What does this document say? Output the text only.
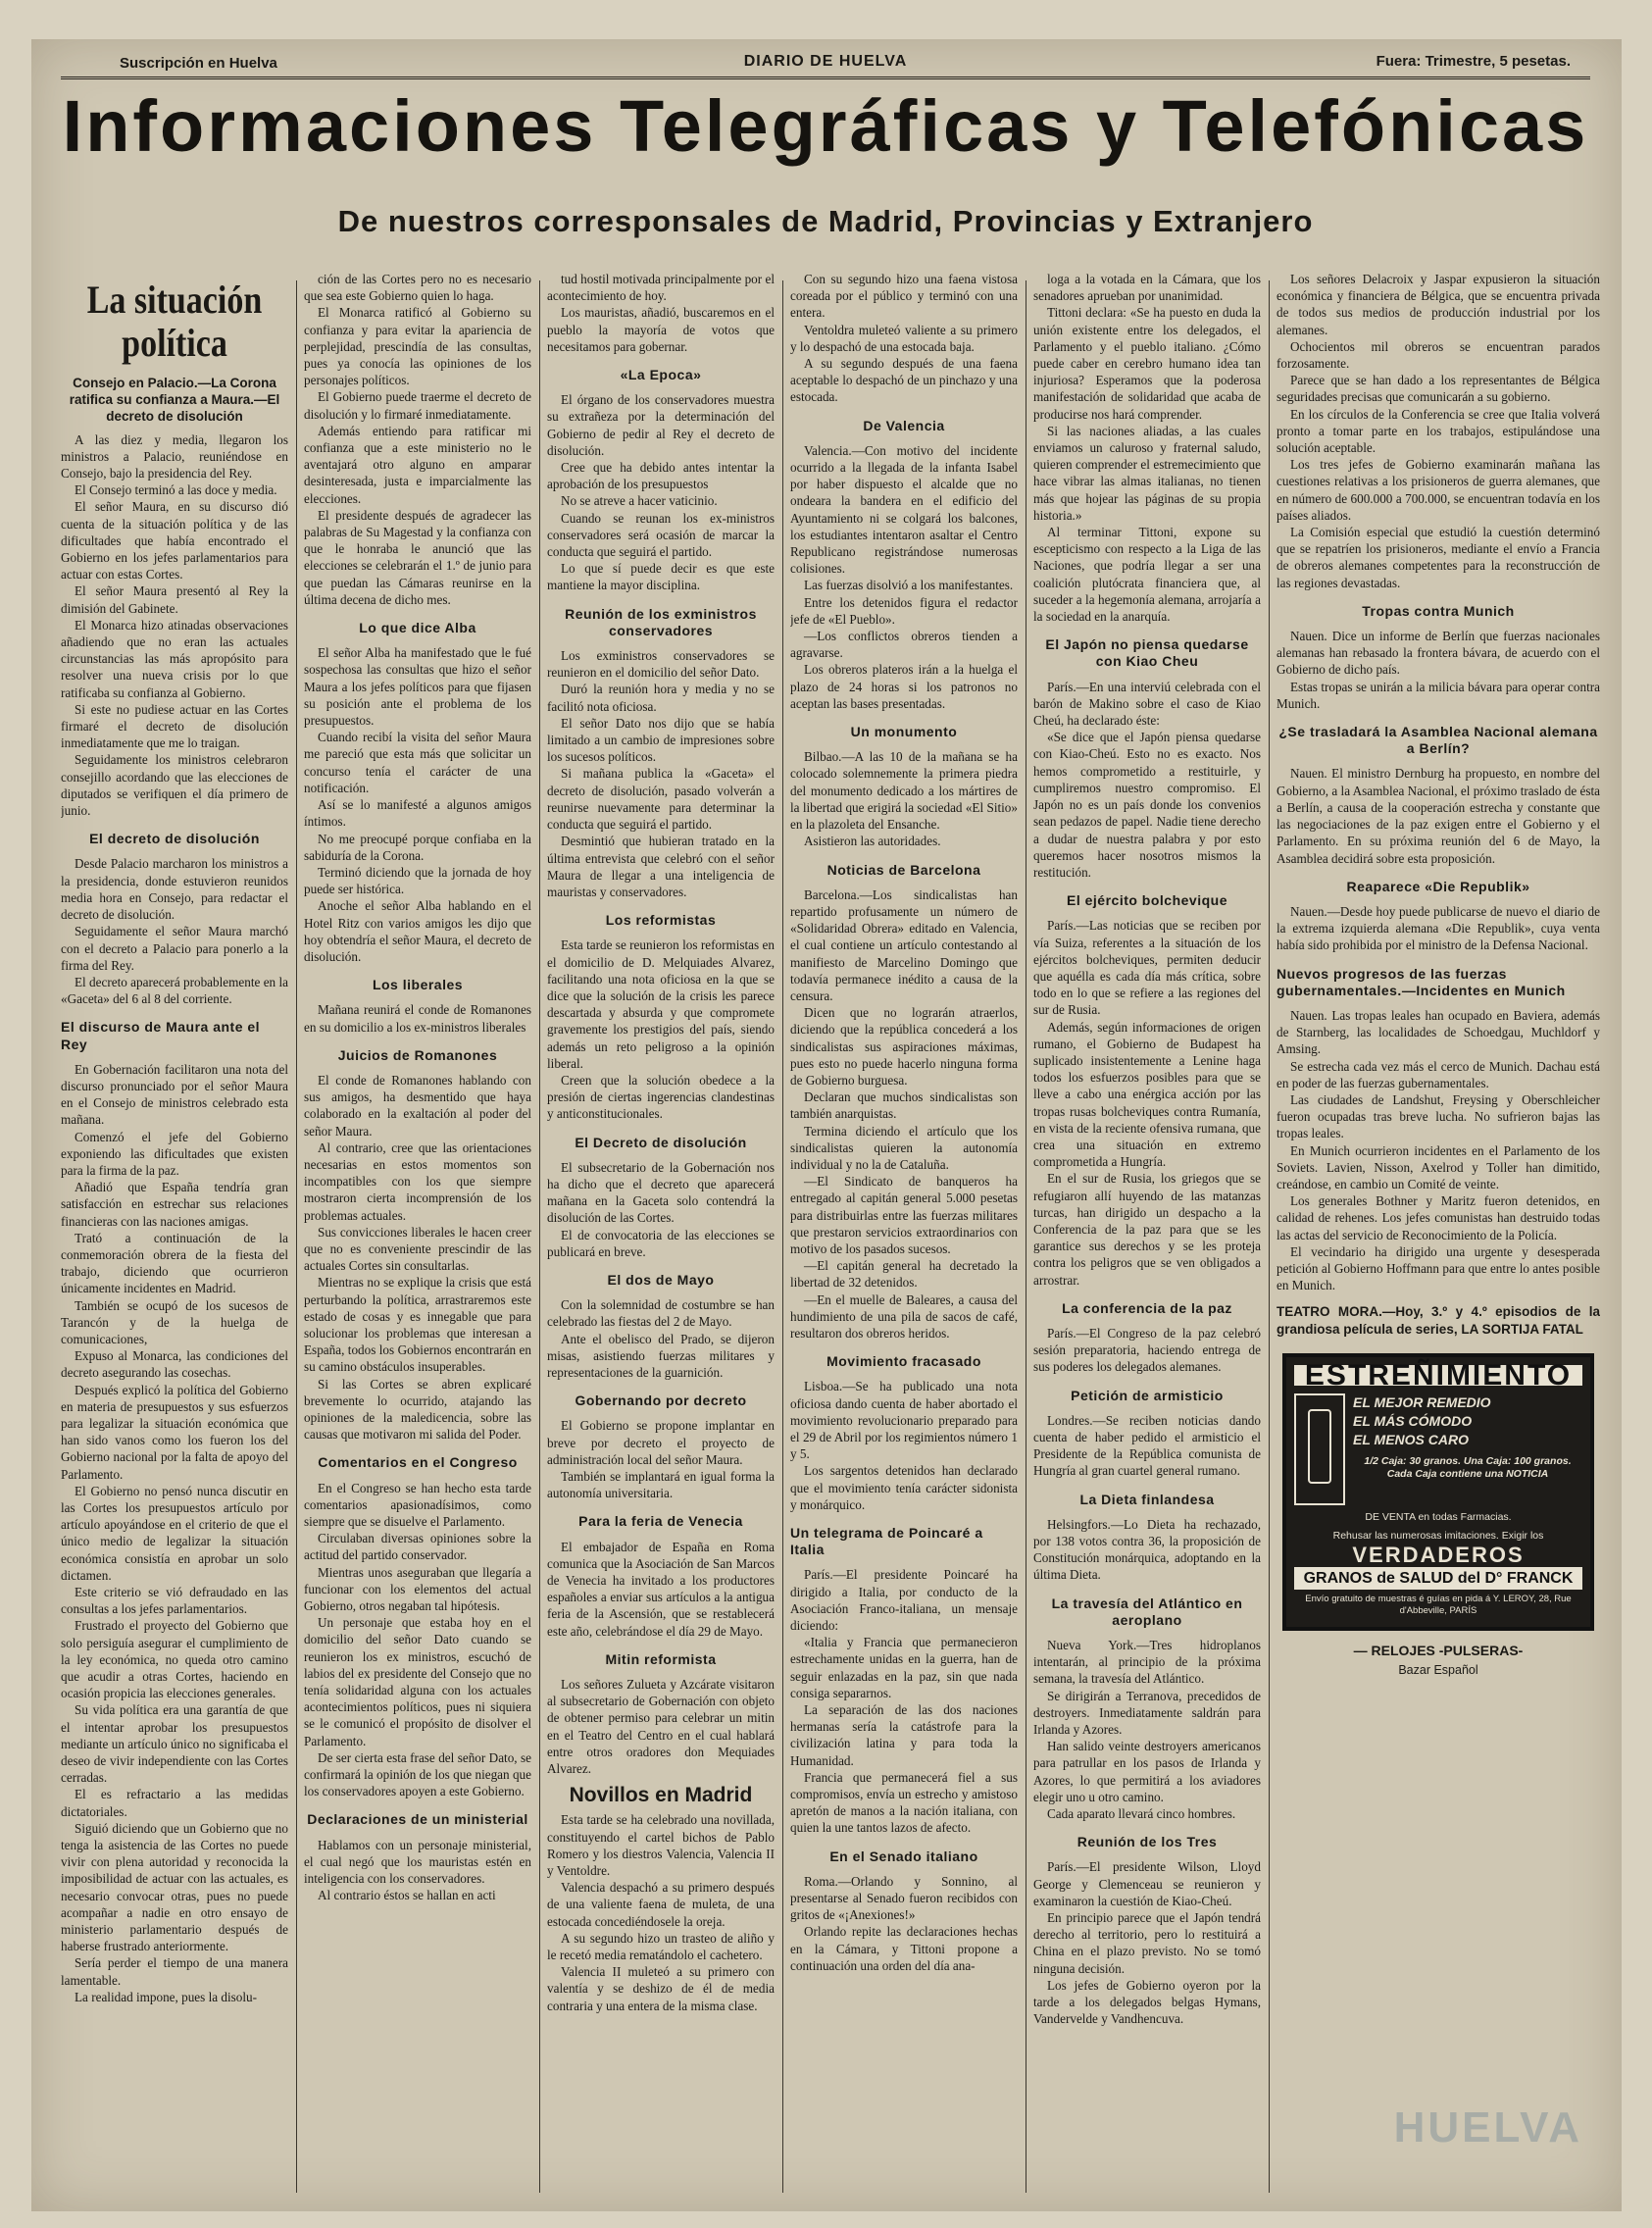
Suscripción en Huelva	DIARIO DE HUELVA	Fuera: Trimestre, 5 pesetas.
Informaciones Telegráficas y Telefónicas
De nuestros corresponsales de Madrid, Provincias y Extranjero
La situación política
Consejo en Palacio.—La Corona ratifica su confianza a Maura.—El decreto de disolución

A las diez y media, llegaron los ministros a Palacio, reuniéndose en Consejo, bajo la presidencia del Rey.

El Consejo terminó a las doce y media.

El señor Maura, en su discurso dió cuenta de la situación política y de las dificultades que había encontrado el Gobierno en los jefes parlamentarios para actuar con estas Cortes.

El señor Maura presentó al Rey la dimisión del Gabinete.

El Monarca hizo atinadas observaciones añadiendo que no eran las actuales circunstancias las más apropósito para resolver una nueva crisis por lo que ratificaba su confianza al Gobierno.

Si este no pudiese actuar en las Cortes firmaré el decreto de disolución inmediatamente que me lo traigan.

Seguidamente los ministros celebraron consejillo acordando que las elecciones de diputados se verifiquen el día primero de junio.

El decreto de disolución

Desde Palacio marcharon los ministros a la presidencia, donde estuvieron reunidos media hora en Consejo, para redactar el decreto de disolución.

Seguidamente el señor Maura marchó con el decreto a Palacio para ponerlo a la firma del Rey.

El decreto aparecerá probablemente en la «Gaceta» del 6 al 8 del corriente.

El discurso de Maura ante el Rey

En Gobernación facilitaron una nota del discurso pronunciado por el señor Maura en el Consejo de ministros celebrado esta mañana.

Comenzó el jefe del Gobierno exponiendo las dificultades que existen para la firma de la paz.

Añadió que España tendría gran satisfacción en estrechar sus relaciones financieras con las naciones amigas.

Trató a continuación de la conmemoración obrera de la fiesta del trabajo, diciendo que ocurrieron únicamente incidentes en Madrid.

También se ocupó de los sucesos de Tarancón y de la huelga de comunicaciones,

Expuso al Monarca, las condiciones del decreto asegurando las cosechas.

Después explicó la política del Gobierno en materia de presupuestos y sus esfuerzos para legalizar la situación económica que han sido vanos como los fueron los del Gobierno nacional por la falta de apoyo del Parlamento.

El Gobierno no pensó nunca discutir en las Cortes los presupuestos artículo por artículo apoyándose en el criterio de que el único medio de legalizar la situación económica consistía en aprobar un solo dictamen.

Este criterio se vió defraudado en las consultas a los jefes parlamentarios.

Frustrado el proyecto del Gobierno que solo persiguía asegurar el cumplimiento de la ley económica, no queda otro camino que acudir a otras Cortes, haciendo en ocasión propicia las elecciones generales.

Su vida política era una garantía de que el intentar aprobar los presupuestos mediante un artículo único no significaba el deseo de vivir independiente con las Cortes cerradas.

El es refractario a las medidas dictatoriales.

Siguió diciendo que un Gobierno que no tenga la asistencia de las Cortes no puede vivir con plena autoridad y reconocida la imposibilidad de actuar con las actuales, es necesario convocar otras, pues no puede acompañar a nadie en otro ensayo de ministerio parlamentario después de haberse frustrado anteriormente.

Sería perder el tiempo de una manera lamentable.

La realidad impone, pues la disolu-

ción de las Cortes pero no es necesario que sea este Gobierno quien lo haga.

El Monarca ratificó al Gobierno su confianza y para evitar la apariencia de perplejidad, prescindía de las consultas, pues ya conocía las opiniones de los personajes políticos.

El Gobierno puede traerme el decreto de disolución y lo firmaré inmediatamente.

Además entiendo para ratificar mi confianza que a este ministerio no le aventajará otro alguno en amparar desinteresada, justa e imparcialmente las elecciones.

El presidente después de agradecer las palabras de Su Magestad y la confianza con que le honraba le anunció que las elecciones se celebrarán el 1.º de junio para que puedan las Cámaras reunirse en la última decena de dicho mes.

Lo que dice Alba

El señor Alba ha manifestado que le fué sospechosa las consultas que hizo el señor Maura a los jefes políticos para que fijasen su posición ante el problema de los presupuestos.

Cuando recibí la visita del señor Maura me pareció que esta más que solicitar un concurso tenía el carácter de una notificación.

Así se lo manifesté a algunos amigos íntimos.

No me preocupé porque confiaba en la sabiduría de la Corona.

Terminó diciendo que la jornada de hoy puede ser histórica.

Anoche el señor Alba hablando en el Hotel Ritz con varios amigos les dijo que hoy obtendría el señor Maura, el decreto de disolución.

Los liberales

Mañana reunirá el conde de Romanones en su domicilio a los ex-ministros liberales

Juicios de Romanones

El conde de Romanones hablando con sus amigos, ha desmentido que haya colaborado en la exaltación al poder del señor Maura.

Al contrario, cree que las orientaciones necesarias en estos momentos son incompatibles con los que siempre mostraron cierta incomprensión de los problemas actuales.

Sus convicciones liberales le hacen creer que no es conveniente prescindir de las actuales Cortes sin consultarlas.

Mientras no se explique la crisis que está perturbando la política, arrastraremos este estado de cosas y es innegable que para solucionar los problemas que interesan a España, todos los Gobiernos encontrarán en su camino obstáculos insuperables.

Si las Cortes se abren explicaré brevemente lo ocurrido, atajando las opiniones de la maledicencia, sobre las causas que motivaron mi salida del Poder.

Comentarios en el Congreso

En el Congreso se han hecho esta tarde comentarios apasionadísimos, como siempre que se disuelve el Parlamento.

Circulaban diversas opiniones sobre la actitud del partido conservador.

Mientras unos aseguraban que llegaría a funcionar con los elementos del actual Gobierno, otros negaban tal hipótesis.

Un personaje que estaba hoy en el domicilio del señor Dato cuando se reunieron los ex ministros, escuchó de labios del ex presidente del Consejo que no tenía solidaridad alguna con los actuales acontecimientos políticos, pues ni siquiera se le comunicó el propósito de disolver el Parlamento.

De ser cierta esta frase del señor Dato, se confirmará la opinión de los que niegan que los conservadores apoyen a este Gobierno.

Declaraciones de un ministerial

Hablamos con un personaje ministerial, el cual negó que los mauristas estén en inteligencia con los conservadores.

Al contrario éstos se hallan en acti

tud hostil motivada principalmente por el acontecimiento de hoy.

Los mauristas, añadió, buscaremos en el pueblo la mayoría de votos que necesitamos para gobernar.

«La Epoca»

El órgano de los conservadores muestra su extrañeza por la determinación del Gobierno de pedir al Rey el decreto de disolución.

Cree que ha debido antes intentar la aprobación de los presupuestos

No se atreve a hacer vaticinio.

Cuando se reunan los ex-ministros conservadores será ocasión de marcar la conducta que seguirá el partido.

Lo que sí puede decir es que este mantiene la mayor disciplina.

Reunión de los exministros conservadores

Los exministros conservadores se reunieron en el domicilio del señor Dato.

Duró la reunión hora y media y no se facilitó nota oficiosa.

El señor Dato nos dijo que se había limitado a un cambio de impresiones sobre los sucesos políticos.

Si mañana publica la «Gaceta» el decreto de disolución, pasado volverán a reunirse nuevamente para determinar la conducta que seguirá el partido.

Desmintió que hubieran tratado en la última entrevista que celebró con el señor Maura de llegar a una inteligencia de mauristas y conservadores.

Los reformistas

Esta tarde se reunieron los reformistas en el domicilio de D. Melquiades Alvarez, facilitando una nota oficiosa en la que se dice que la solución de la crisis les parece descartada y absurda y que compromete gravemente los prestigios del país, siendo además un reto peligroso a la opinión liberal.

Creen que la solución obedece a la presión de ciertas ingerencias clandestinas y anticonstitucionales.

El Decreto de disolución

El subsecretario de la Gobernación nos ha dicho que el decreto que aparecerá mañana en la Gaceta solo contendrá la disolución de las Cortes.

El de convocatoria de las elecciones se publicará en breve.

El dos de Mayo

Con la solemnidad de costumbre se han celebrado las fiestas del 2 de Mayo.

Ante el obelisco del Prado, se dijeron misas, asistiendo fuerzas militares y representaciones de la guarnición.

Gobernando por decreto

El Gobierno se propone implantar en breve por decreto el proyecto de administración local del señor Maura.

También se implantará en igual forma la autonomía universitaria.

Para la feria de Venecia

El embajador de España en Roma comunica que la Asociación de San Marcos de Venecia ha invitado a los productores españoles a enviar sus artículos a la antigua feria de la Ascensión, que se restablecerá este año, celebrándose el día 29 de Mayo.

Mitin reformista

Los señores Zulueta y Azcárate visitaron al subsecretario de Gobernación con objeto de obtener permiso para celebrar un mitin en el Teatro del Centro en el cual hablará entre otros oradores don Mequiades Alvarez.

Novillos en Madrid

Esta tarde se ha celebrado una novillada, constituyendo el cartel bichos de Pablo Romero y los diestros Valencia, Valencia II y Ventoldre.

Valencia despachó a su primero después de una valiente faena de muleta, de una estocada concediéndosele la oreja.

A su segundo hizo un trasteo de aliño y le recetó media rematándolo el cachetero.

Valencia II muleteó a su primero con valentía y se deshizo de él de media contraria y una entera de la misma clase.

Con su segundo hizo una faena vistosa coreada por el público y terminó con una entera.

Ventoldra muleteó valiente a su primero y lo despachó de una estocada baja.

A su segundo después de una faena aceptable lo despachó de un pinchazo y una estocada.

De Valencia

Valencia.—Con motivo del incidente ocurrido a la llegada de la infanta Isabel por haber dispuesto el alcalde que no ondeara la bandera en el edificio del Ayuntamiento ni se colgará los balcones, los estudiantes intentaron asaltar el Centro Republicano registrándose numerosas colisiones.

Las fuerzas disolvió a los manifestantes.

Entre los detenidos figura el redactor jefe de «El Pueblo».

—Los conflictos obreros tienden a agravarse.

Los obreros plateros irán a la huelga el plazo de 24 horas si los patronos no aceptan las bases presentadas.

Un monumento

Bilbao.—A las 10 de la mañana se ha colocado solemnemente la primera piedra del monumento dedicado a los mártires de la libertad que erigirá la sociedad «El Sitio» en la plazoleta del Ensanche.

Asistieron las autoridades.

Noticias de Barcelona

Barcelona.—Los sindicalistas han repartido profusamente un número de «Solidaridad Obrera» editado en Valencia, el cual contiene un artículo contestando al manifiesto de Marcelino Domingo que todavía permanece inédito a causa de la censura.

Dicen que no lograrán atraerlos, diciendo que la república concederá a los sindicalistas sus aspiraciones máximas, pues esto no puede hacerlo ninguna forma de Gobierno burguesa.

Declaran que muchos sindicalistas son también anarquistas.

Termina diciendo el artículo que los sindicalistas quieren la autonomía individual y no la de Cataluña.

—El Sindicato de banqueros ha entregado al capitán general 5.000 pesetas para distribuirlas entre las fuerzas militares que prestaron servicios extraordinarios con motivo de los pasados sucesos.

—El capitán general ha decretado la libertad de 32 detenidos.

—En el muelle de Baleares, a causa del hundimiento de una pila de sacos de café, resultaron dos obreros heridos.

Movimiento fracasado

Lisboa.—Se ha publicado una nota oficiosa dando cuenta de haber abortado el movimiento revolucionario preparado para el 29 de Abril por los regimientos número 1 y 5.

Los sargentos detenidos han declarado que el movimiento tenía carácter sidonista y monárquico.

Un telegrama de Poincaré a Italia

París.—El presidente Poincaré ha dirigido a Italia, por conducto de la Asociación Franco-italiana, un mensaje diciendo:

«Italia y Francia que permanecieron estrechamente unidas en la guerra, han de seguir enlazadas en la paz, sin que nada consiga separarnos.

La separación de las dos naciones hermanas sería la catástrofe para la civilización latina y para toda la Humanidad.

Francia que permanecerá fiel a sus compromisos, envía un estrecho y amistoso apretón de manos a la nación italiana, con quien la une tantos lazos de afecto.

En el Senado italiano

Roma.—Orlando y Sonnino, al presentarse al Senado fueron recibidos con gritos de «¡Anexiones!»

Orlando repite las declaraciones hechas en la Cámara, y Tittoni propone a continuación una orden del día ana-

loga a la votada en la Cámara, que los senadores aprueban por unanimidad.

Tittoni declara: «Se ha puesto en duda la unión existente entre los delegados, el Parlamento y el pueblo italiano. ¿Cómo puede caber en cerebro humano idea tan injuriosa? Esperamos que la poderosa manifestación de solidaridad que acaba de producirse nos hará comprender.

Si las naciones aliadas, a las cuales enviamos un caluroso y fraternal saludo, quieren comprender el estremecimiento que hace vibrar las almas italianas, no tienen más que hojear las páginas de su propia historia.»

Al terminar Tittoni, expone su escepticismo con respecto a la Liga de las Naciones, que podría llegar a ser una coalición plutócrata financiera que, al suceder a la hegemonía alemana, arrojaría a la sociedad en la anarquía.

El Japón no piensa quedarse con Kiao Cheu

París.—En una interviú celebrada con el barón de Makino sobre el caso de Kiao Cheú, ha declarado éste:

«Se dice que el Japón piensa quedarse con Kiao-Cheú. Esto no es exacto. Nos hemos comprometido a restituirle, y cumpliremos nuestro compromiso. El Japón no es un país donde los convenios sean pedazos de papel. Nadie tiene derecho a dudar de nuestra palabra y por esto queremos hacer nosotros mismos la restitución.

El ejército bolchevique

París.—Las noticias que se reciben por vía Suiza, referentes a la situación de los ejércitos bolcheviques, permiten deducir que aquélla es cada día más crítica, sobre todo en lo que se refiere a las regiones del sur de Rusia.

Además, según informaciones de origen rumano, el Gobierno de Budapest ha suplicado insistentemente a Lenine haga todos los esfuerzos posibles para que se lleve a cabo una enérgica acción por las tropas rusas bolcheviques contra Rumanía, en vista de la reciente ofensiva rumana, que crea una situación en extremo comprometida a Hungría.

En el sur de Rusia, los griegos que se refugiaron allí huyendo de las matanzas turcas, han dirigido un despacho a la Conferencia de la paz para que se les garantice sus derechos y se les proteja contra los peligros que se ven obligados a arrostrar.

La conferencia de la paz

París.—El Congreso de la paz celebró sesión preparatoria, haciendo entrega de sus poderes los delegados alemanes.

Petición de armisticio

Londres.—Se reciben noticias dando cuenta de haber pedido el armisticio el Presidente de la República comunista de Hungría al gran cuartel general rumano.

La Dieta finlandesa

Helsingfors.—Lo Dieta ha rechazado, por 138 votos contra 36, la proposición de Constitución monárquica, adoptando en la última Dieta.

La travesía del Atlántico en aeroplano

Nueva York.—Tres hidroplanos intentarán, al principio de la próxima semana, la travesía del Atlántico.

Se dirigirán a Terranova, precedidos de destroyers. Inmediatamente saldrán para Irlanda y Azores.

Han salido veinte destroyers americanos para patrullar en los pasos de Irlanda y Azores, lo que permitirá a los aviadores elegir uno u otro camino.

Cada aparato llevará cinco hombres.

Reunión de los Tres

París.—El presidente Wilson, Lloyd George y Clemenceau se reunieron y examinaron la cuestión de Kiao-Cheú.

En principio parece que el Japón tendrá derecho al territorio, pero lo restituirá a China en el plazo previsto. No se tomó ninguna decisión.

Los jefes de Gobierno oyeron por la tarde a los delegados belgas Hymans, Vandervelde y Vandhencuva.

Los señores Delacroix y Jaspar expusieron la situación económica y financiera de Bélgica, que se encuentra privada de todos sus medios de producción industrial por los alemanes.

Ochocientos mil obreros se encuentran parados forzosamente.

Parece que se han dado a los representantes de Bélgica seguridades precisas que comunicarán a su gobierno.

En los círculos de la Conferencia se cree que Italia volverá pronto a tomar parte en los trabajos, estipulándose una solución aceptable.

Los tres jefes de Gobierno examinarán mañana las cuestiones relativas a los prisioneros de guerra alemanes, que en número de 600.000 a 700.000, se encuentran todavía en los países aliados.

La Comisión especial que estudió la cuestión determinó que se repatríen los prisioneros, mediante el envío a Francia de obreros alemanes competentes para la reconstrucción de las regiones devastadas.

Tropas contra Munich

Nauen. Dice un informe de Berlín que fuerzas nacionales alemanas han rebasado la frontera bávara, de acuerdo con el Gobierno de dicho país.

Estas tropas se unirán a la milicia bávara para operar contra Munich.

¿Se trasladará la Asamblea Nacional alemana a Berlín?

Nauen. El ministro Dernburg ha propuesto, en nombre del Gobierno, a la Asamblea Nacional, el próximo traslado de ésta a Berlín, a causa de la cooperación estrecha y constante que las negociaciones de la paz exigen entre el Gobierno y el Parlamento. En su próxima reunión del 6 de Mayo, la Asamblea decidirá sobre esta proposición.

Reaparece «Die Republik»

Nauen.—Desde hoy puede publicarse de nuevo el diario de la extrema izquierda alemana «Die Republik», cuya venta había sido prohibida por el ministro de la Defensa Nacional.

Nuevos progresos de las fuerzas gubernamentales.—Incidentes en Munich

Nauen. Las tropas leales han ocupado en Baviera, además de Starnberg, las localidades de Schoedgau, Muchldorf y Amsing.

Se estrecha cada vez más el cerco de Munich. Dachau está en poder de las fuerzas gubernamentales.

Las ciudades de Landshut, Freysing y Oberschleicher fueron ocupadas tras breve lucha. No sufrieron bajas las tropas leales.

En Munich ocurrieron incidentes en el Parlamento de los Soviets. Lavien, Nisson, Axelrod y Toller han dimitido, creándose, en cambio un Comité de veinte.

Los generales Bothner y Maritz fueron detenidos, en calidad de rehenes. Los jefes comunistas han destruido todas las actas del servicio de Reconocimiento de la Policía.

El vecindario ha dirigido una urgente y desesperada petición al Gobierno Hoffmann para que entre lo antes posible en Munich.

TEATRO MORA.—Hoy, 3.º y 4.º episodios de la grandiosa película de series, LA SORTIJA FATAL
ESTREÑIMIENTO
EL MEJOR REMEDIO
EL MÁS CÓMODO
EL MENOS CARO
1/2 Caja: 30 granos. Una Caja: 100 granos. Cada Caja contiene una NOTICIA
DE VENTA en todas Farmacias.
Rehusar las numerosas imitaciones. Exigir los
VERDADEROS
GRANOS de SALUD del D° FRANCK
Envío gratuito de muestras é guías en pida á Y. LEROY, 28, Rue d'Abbeville, PARÍS
— RELOJES -PULSERAS-
Bazar Español
HUELVA
